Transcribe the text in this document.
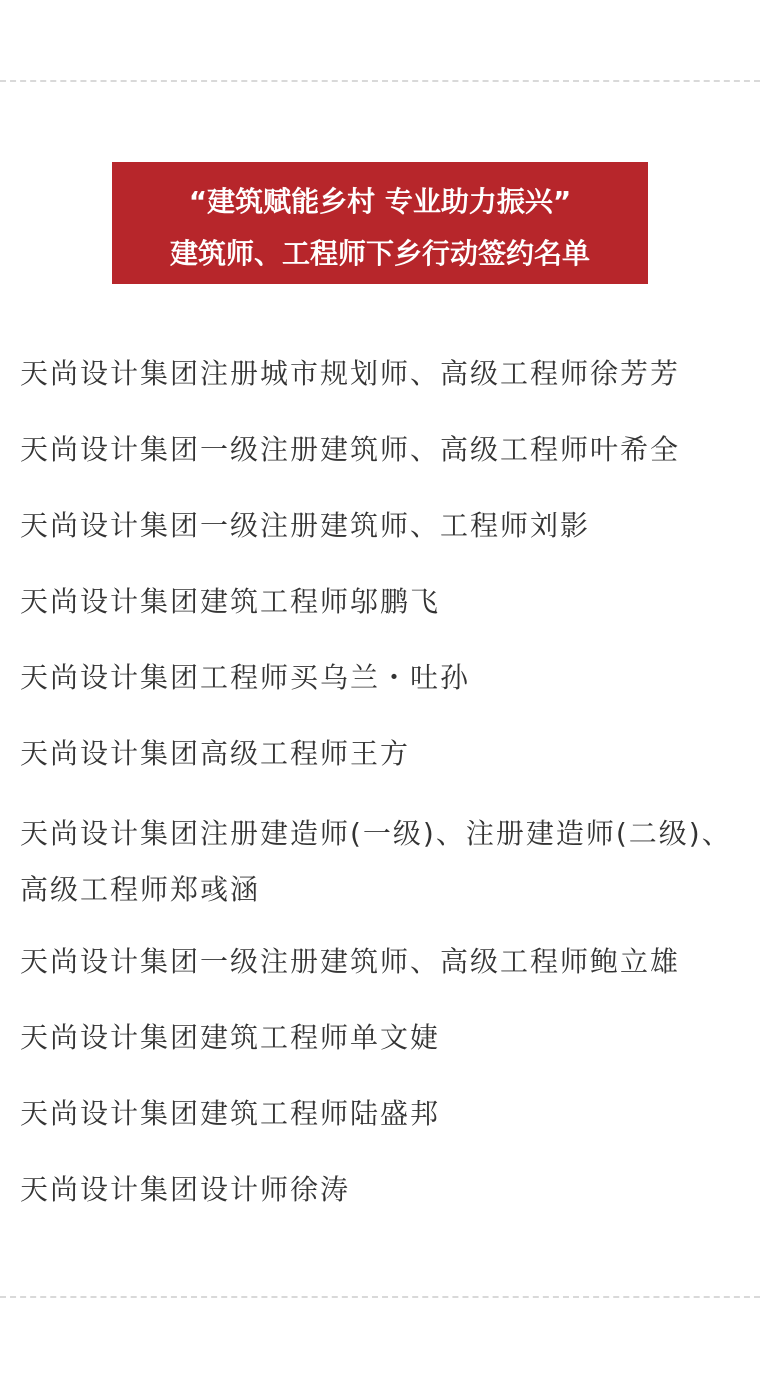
“建筑赋能乡村 专业助力振兴”
建筑师、工程师下乡行动签约名单
天尚设计集团注册城市规划师、高级工程师徐芳芳
天尚设计集团一级注册建筑师、高级工程师叶希全
天尚设计集团一级注册建筑师、工程师刘影
天尚设计集团建筑工程师邬鹏飞
天尚设计集团工程师买乌兰・吐孙
天尚设计集团高级工程师王方
天尚设计集团注册建造师(一级)、注册建造师(二级)、高级工程师郑彧涵
天尚设计集团一级注册建筑师、高级工程师鲍立雄
天尚设计集团建筑工程师单文婕
天尚设计集团建筑工程师陆盛邦
天尚设计集团设计师徐涛
